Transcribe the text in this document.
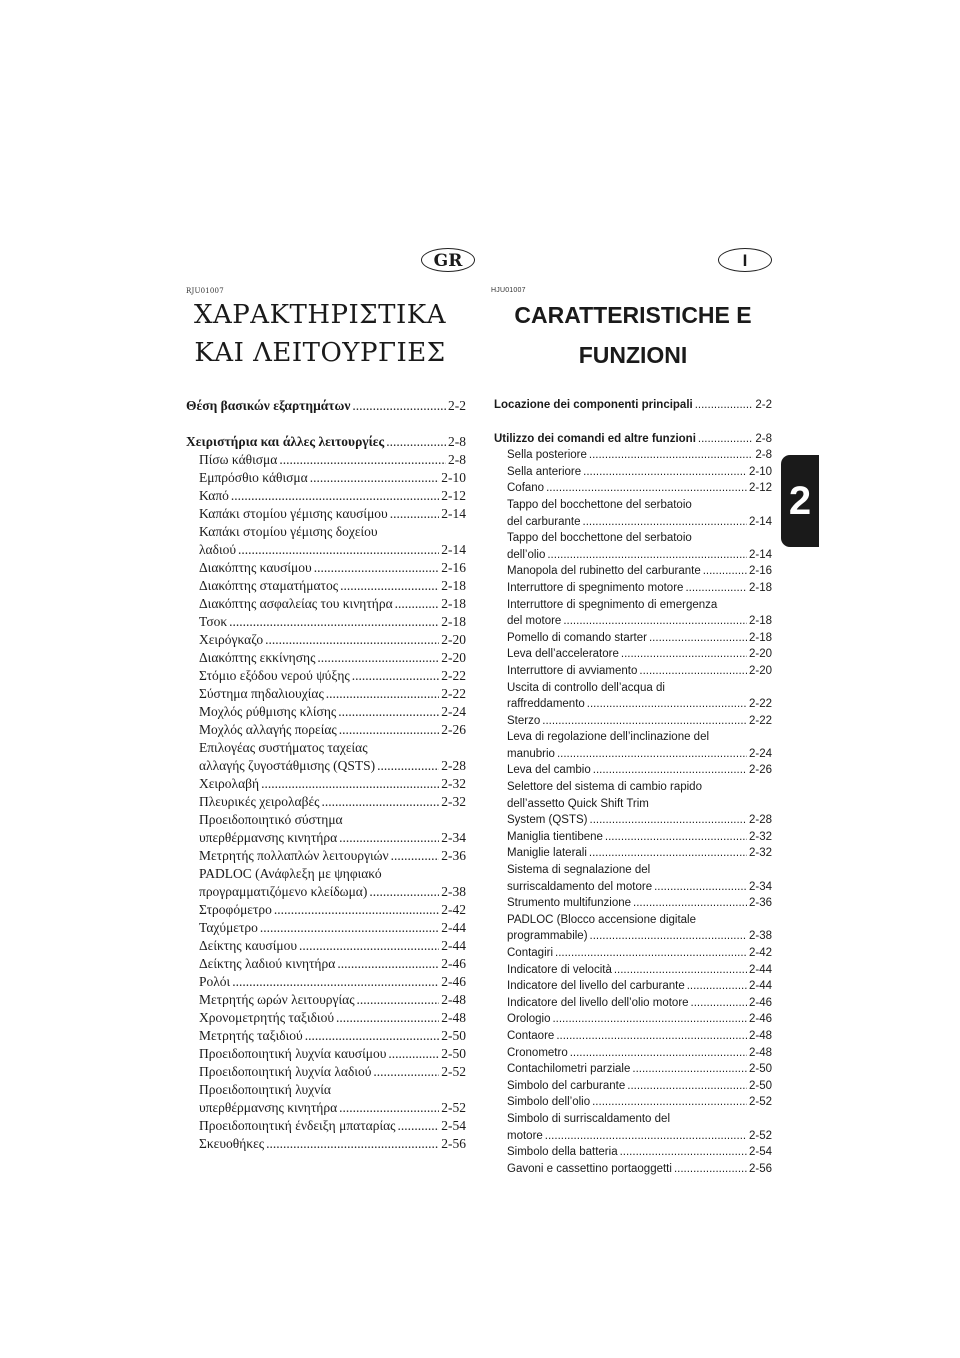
GR	I
RJU01007	HJU01007
ΧΑΡΑΚΤΗΡΙΣΤΙΚΑ
ΚΑΙ ΛΕΙΤΟΥΡΓΙΕΣ
CARATTERISTICHE E
FUNZIONI
2
Θέση βασικών εξαρτημάτων .....	2-2
Χειριστήρια και άλλες λειτουργίες .....	2-8
Πίσω κάθισμα .....	2-8
Εμπρόσθιο κάθισμα .....	2-10
Καπό .....	2-12
Καπάκι στομίου γέμισης καυσίμου .....	2-14
Καπάκι στομίου γέμισης δοχείου
λαδιού .....	2-14
Διακόπτης καυσίμου .....	2-16
Διακόπτης σταματήματος .....	2-18
Διακόπτης ασφαλείας του κινητήρα .....	2-18
Τσοκ .....	2-18
Χειρόγκαζο .....	2-20
Διακόπτης εκκίνησης .....	2-20
Στόμιο εξόδου νερού ψύξης .....	2-22
Σύστημα πηδαλιουχίας .....	2-22
Μοχλός ρύθμισης κλίσης .....	2-24
Μοχλός αλλαγής πορείας .....	2-26
Επιλογέας συστήματος ταχείας
αλλαγής ζυγοστάθμισης (QSTS) .....	2-28
Χειρολαβή .....	2-32
Πλευρικές χειρολαβές .....	2-32
Προειδοποιητικό σύστημα
υπερθέρμανσης κινητήρα .....	2-34
Μετρητής πολλαπλών λειτουργιών .....	2-36
PADLOC (Ανάφλεξη με ψηφιακό
προγραμματιζόμενο κλείδωμα) .....	2-38
Στροφόμετρο .....	2-42
Ταχύμετρο .....	2-44
Δείκτης καυσίμου .....	2-44
Δείκτης λαδιού κινητήρα .....	2-46
Ρολόι .....	2-46
Μετρητής ωρών λειτουργίας .....	2-48
Χρονομετρητής ταξιδιού .....	2-48
Μετρητής ταξιδιού .....	2-50
Προειδοποιητική λυχνία καυσίμου .....	2-50
Προειδοποιητική λυχνία λαδιού .....	2-52
Προειδοποιητική λυχνία
υπερθέρμανσης κινητήρα .....	2-52
Προειδοποιητική ένδειξη μπαταρίας .....	2-54
Σκευοθήκες .....	2-56
Locazione dei componenti principali .....	2-2
Utilizzo dei comandi ed altre funzioni .....	2-8
Sella posteriore .....	2-8
Sella anteriore .....	2-10
Cofano .....	2-12
Tappo del bocchettone del serbatoio
del carburante .....	2-14
Tappo del bocchettone del serbatoio
dell’olio .....	2-14
Manopola del rubinetto del carburante .....	2-16
Interruttore di spegnimento motore .....	2-18
Interruttore di spegnimento di emergenza
del motore .....	2-18
Pomello di comando starter .....	2-18
Leva dell’acceleratore .....	2-20
Interruttore di avviamento .....	2-20
Uscita di controllo dell’acqua di
raffreddamento .....	2-22
Sterzo .....	2-22
Leva di regolazione dell’inclinazione del
manubrio .....	2-24
Leva del cambio .....	2-26
Selettore del sistema di cambio rapido
dell’assetto Quick Shift Trim
System (QSTS) .....	2-28
Maniglia tientibene .....	2-32
Maniglie laterali .....	2-32
Sistema di segnalazione del
surriscaldamento del motore .....	2-34
Strumento multifunzione .....	2-36
PADLOC (Blocco accensione digitale
programmabile) .....	2-38
Contagiri .....	2-42
Indicatore di velocità .....	2-44
Indicatore del livello del carburante .....	2-44
Indicatore del livello dell’olio motore .....	2-46
Orologio .....	2-46
Contaore .....	2-48
Cronometro .....	2-48
Contachilometri parziale .....	2-50
Simbolo del carburante .....	2-50
Simbolo dell’olio .....	2-52
Simbolo di surriscaldamento del
motore .....	2-52
Simbolo della batteria .....	2-54
Gavoni e cassettino portaoggetti .....	2-56
